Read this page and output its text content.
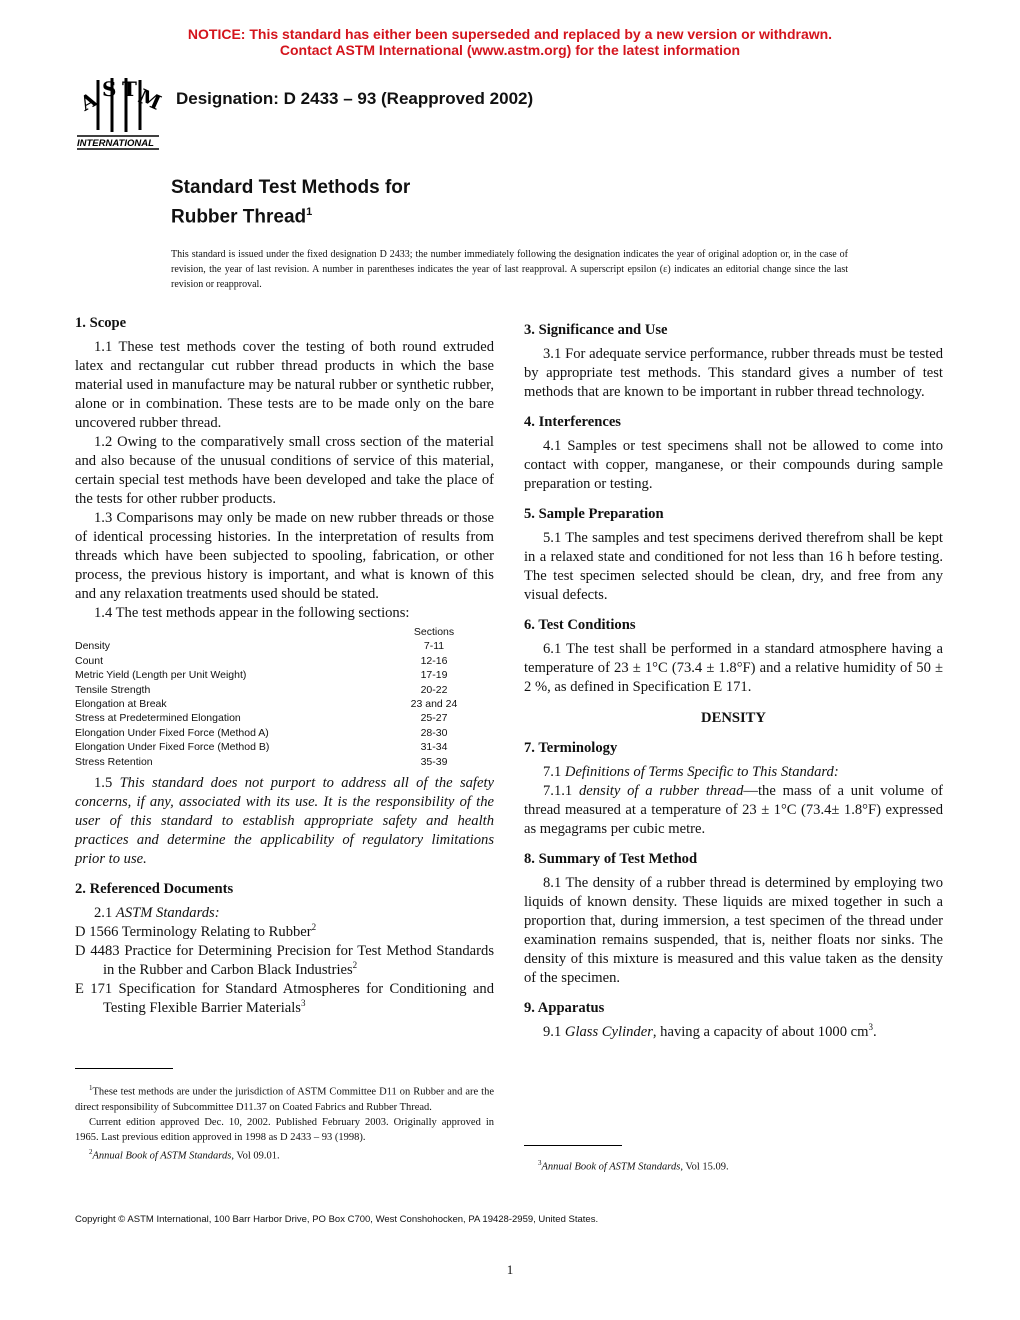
NOTICE: This standard has either been superseded and replaced by a new version or withdrawn.
Contact ASTM International (www.astm.org) for the latest information
A S T
M
INTERNATIONAL
Designation: D 2433 – 93 (Reapproved 2002)
Standard Test Methods for
Rubber Thread$^1$
This standard is issued under the fixed designation D 2433; the number immediately following the designation indicates the year of original adoption or, in the case of revision, the year of last revision. A number in parentheses indicates the year of last reapproval. A superscript epsilon (ε) indicates an editorial change since the last revision or reapproval.
1. Scope

1.1 These test methods cover the testing of both round extruded latex and rectangular cut rubber thread products in which the base material used in manufacture may be natural rubber or synthetic rubber, alone or in combination. These tests are to be made only on the bare uncovered rubber thread.

1.2 Owing to the comparatively small cross section of the material and also because of the unusual conditions of service of this material, certain special test methods have been developed and take the place of the tests for other rubber products.

1.3 Comparisons may only be made on new rubber threads or those of identical processing histories. In the interpretation of results from threads which have been subjected to spooling, fabrication, or other process, the previous history is important, and what is known of this and any relaxation treatments used should be stated.

1.4 The test methods appear in the following sections:

	Sections
Density	7-11
Count	12-16
Metric Yield (Length per Unit Weight)	17-19
Tensile Strength	20-22
Elongation at Break	23 and 24
Stress at Predetermined Elongation	25-27
Elongation Under Fixed Force (Method A)	28-30
Elongation Under Fixed Force (Method B)	31-34
Stress Retention	35-39

1.5 This standard does not purport to address all of the safety concerns, if any, associated with its use. It is the responsibility of the user of this standard to establish appropriate safety and health practices and determine the applicability of regulatory limitations prior to use.

2. Referenced Documents

2.1 ASTM Standards:

D 1566 Terminology Relating to Rubber$^2$

D 4483 Practice for Determining Precision for Test Method Standards in the Rubber and Carbon Black Industries$^2$

E 171 Specification for Standard Atmospheres for Conditioning and Testing Flexible Barrier Materials$^3$

3. Significance and Use

3.1 For adequate service performance, rubber threads must be tested by appropriate test methods. This standard gives a number of test methods that are known to be important in rubber thread technology.

4. Interferences

4.1 Samples or test specimens shall not be allowed to come into contact with copper, manganese, or their compounds during sample preparation or testing.

5. Sample Preparation

5.1 The samples and test specimens derived therefrom shall be kept in a relaxed state and conditioned for not less than 16 h before testing. The test specimen selected should be clean, dry, and free from any visual defects.

6. Test Conditions

6.1 The test shall be performed in a standard atmosphere having a temperature of 23 ± 1°C (73.4 ± 1.8°F) and a relative humidity of 50 ± 2 %, as defined in Specification E 171.

DENSITY
7. Terminology

7.1 Definitions of Terms Specific to This Standard:

7.1.1 density of a rubber thread—the mass of a unit volume of thread measured at a temperature of 23 ± 1°C (73.4± 1.8°F) expressed as megagrams per cubic metre.

8. Summary of Test Method

8.1 The density of a rubber thread is determined by employing two liquids of known density. These liquids are mixed together in such a proportion that, during immersion, a test specimen of the thread under examination remains suspended, that is, neither floats nor sinks. The density of this mixture is measured and this value taken as the density of the specimen.

9. Apparatus

9.1 Glass Cylinder, having a capacity of about 1000 $cm^3$.

$^1$These test methods are under the jurisdiction of ASTM Committee D11 on Rubber and are the direct responsibility of Subcommittee D11.37 on Coated Fabrics and Rubber Thread.

Current edition approved Dec. 10, 2002. Published February 2003. Originally approved in 1965. Last previous edition approved in 1998 as D 2433 – 93 (1998).

$^2$Annual Book of ASTM Standards, Vol 09.01.

$^3$Annual Book of ASTM Standards, Vol 15.09.

Copyright © ASTM International, 100 Barr Harbor Drive, PO Box C700, West Conshohocken, PA 19428-2959, United States.
1
